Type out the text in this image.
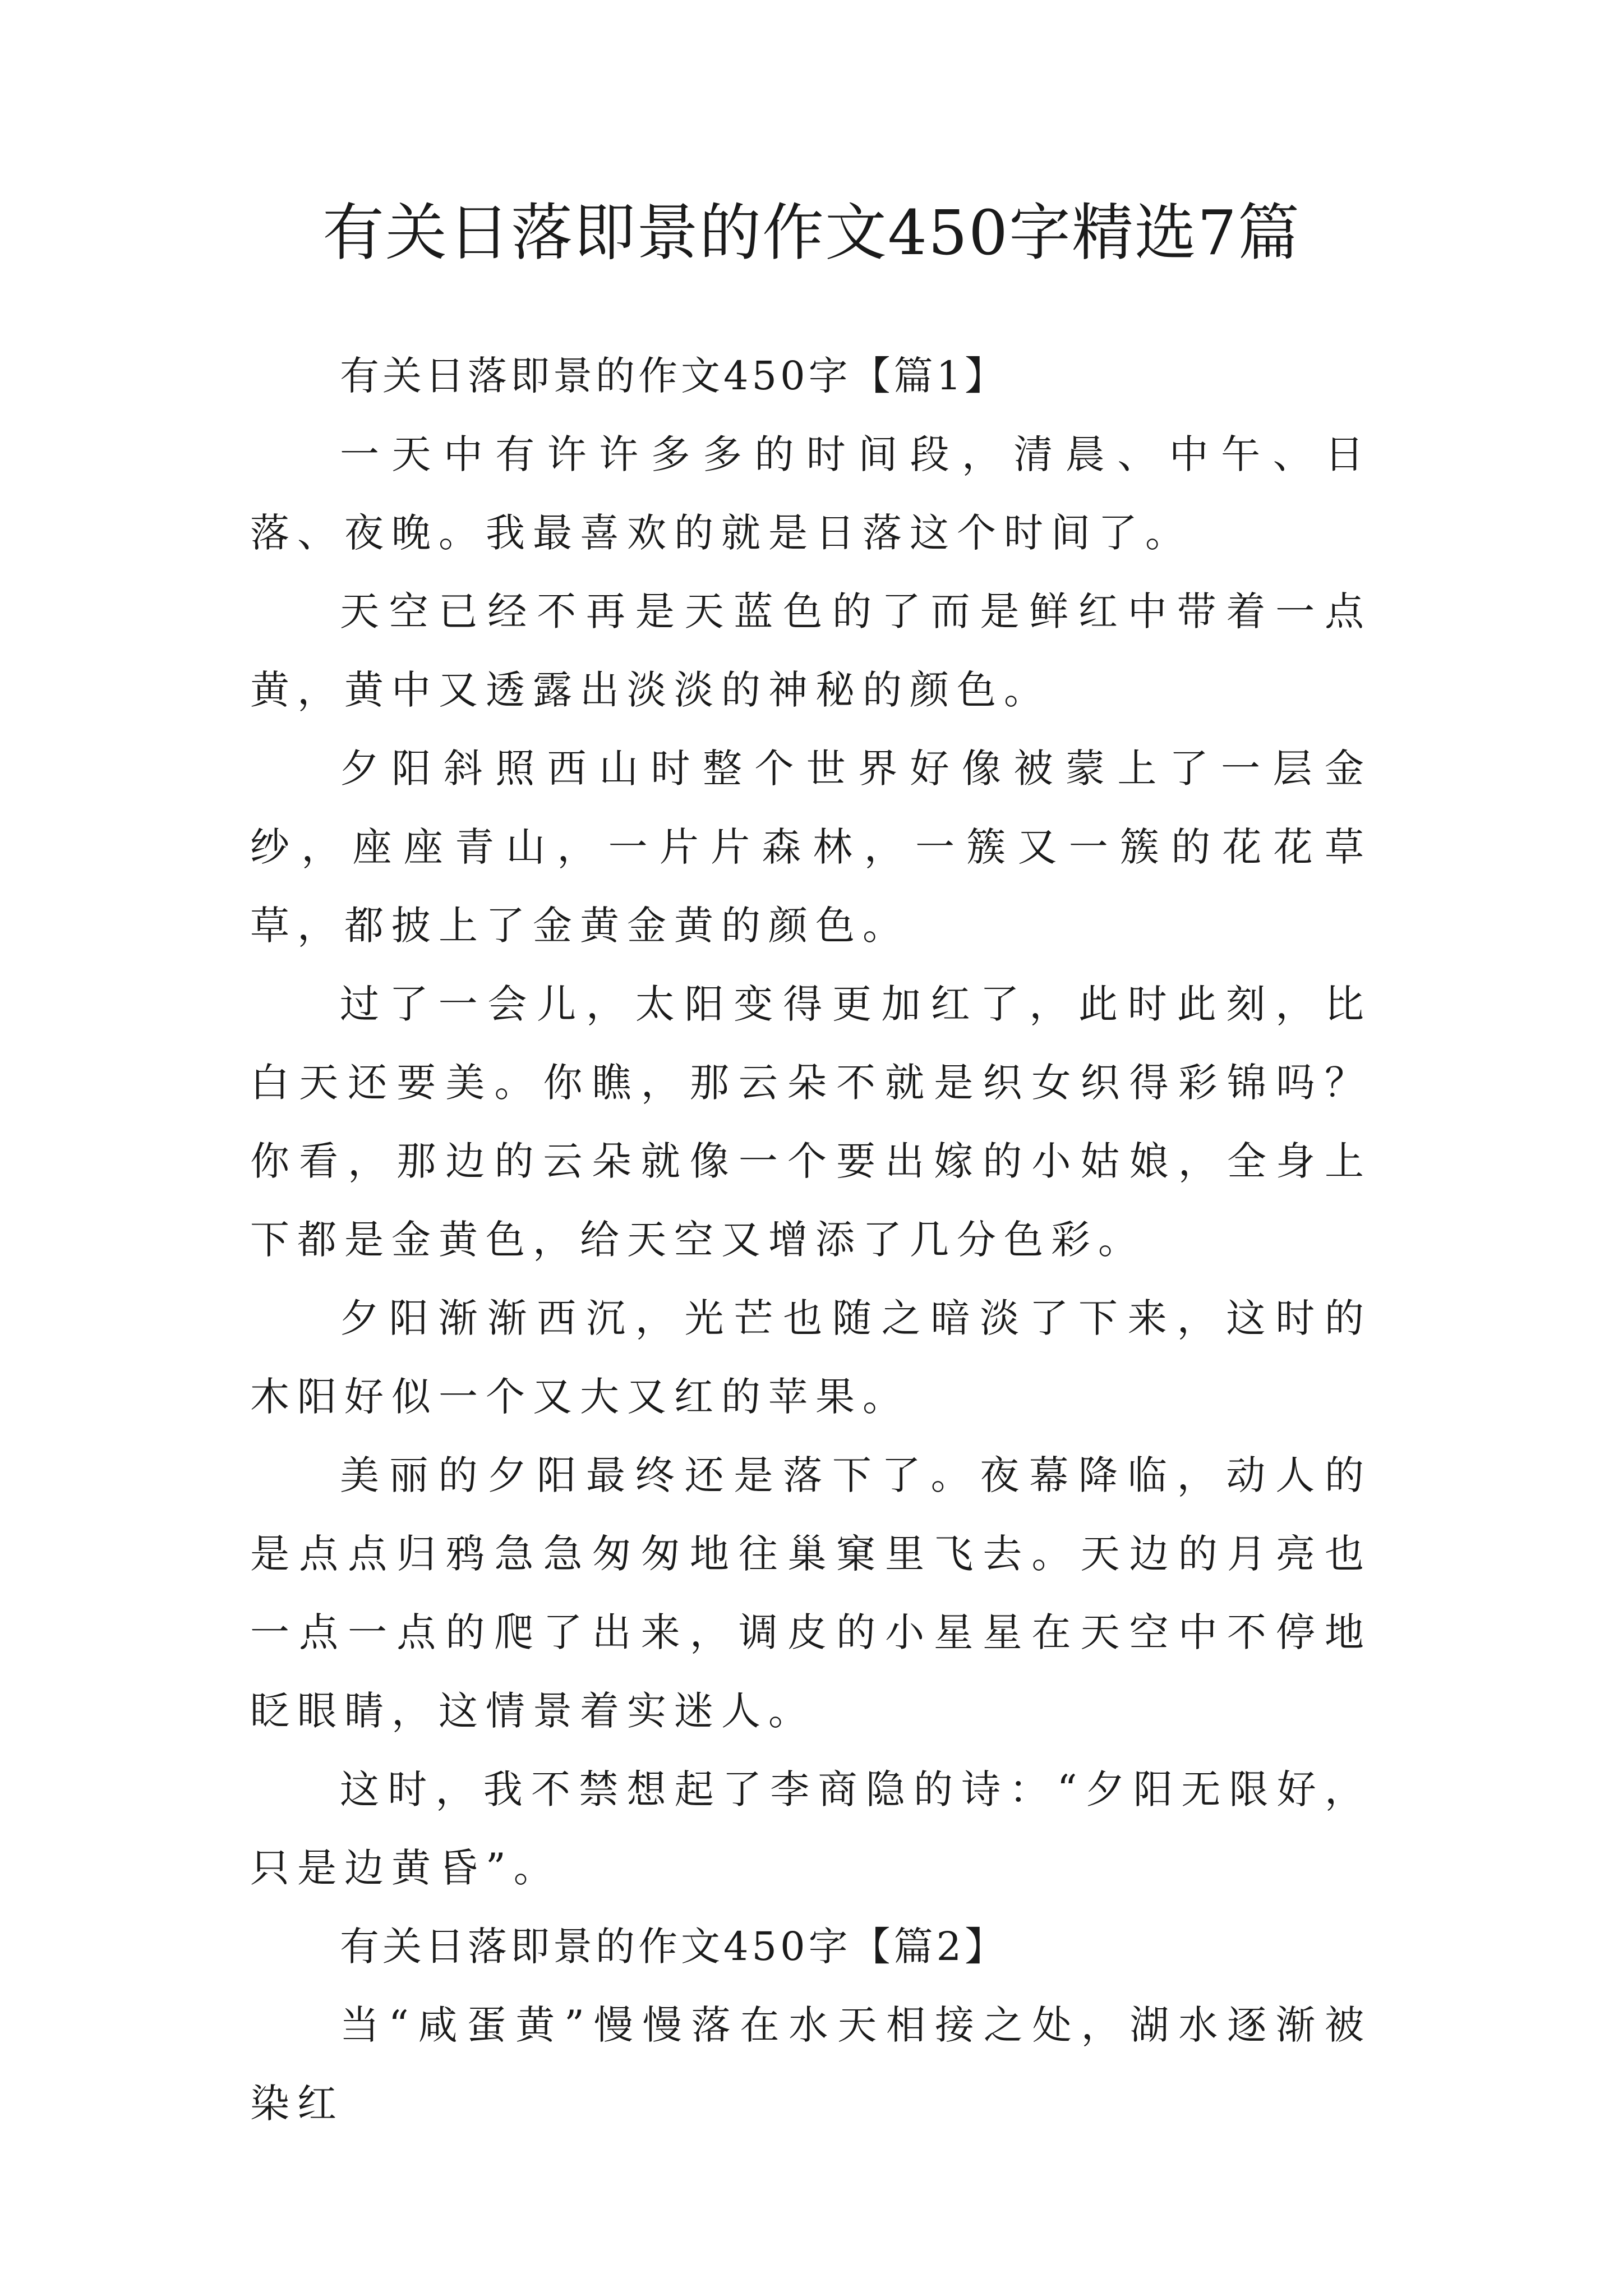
有关日落即景的作文450字精选7篇

有关日落即景的作文450字【篇1】

一天中有许许多多的时间段，清晨、中午、日落、夜晚。我最喜欢的就是日落这个时间了。

天空已经不再是天蓝色的了而是鲜红中带着一点黄，黄中又透露出淡淡的神秘的颜色。

夕阳斜照西山时整个世界好像被蒙上了一层金纱，座座青山，一片片森林，一簇又一簇的花花草草，都披上了金黄金黄的颜色。

过了一会儿，太阳变得更加红了，此时此刻，比白天还要美。你瞧，那云朵不就是织女织得彩锦吗？你看，那边的云朵就像一个要出嫁的小姑娘，全身上下都是金黄色，给天空又增添了几分色彩。

夕阳渐渐西沉，光芒也随之暗淡了下来，这时的木阳好似一个又大又红的苹果。

美丽的夕阳最终还是落下了。夜幕降临，动人的是点点归鸦急急匆匆地往巢窠里飞去。天边的月亮也一点一点的爬了出来，调皮的小星星在天空中不停地眨眼睛，这情景着实迷人。

这时，我不禁想起了李商隐的诗：“夕阳无限好，只是边黄昏”。

有关日落即景的作文450字【篇2】

当“咸蛋黄”慢慢落在水天相接之处，湖水逐渐被染红
